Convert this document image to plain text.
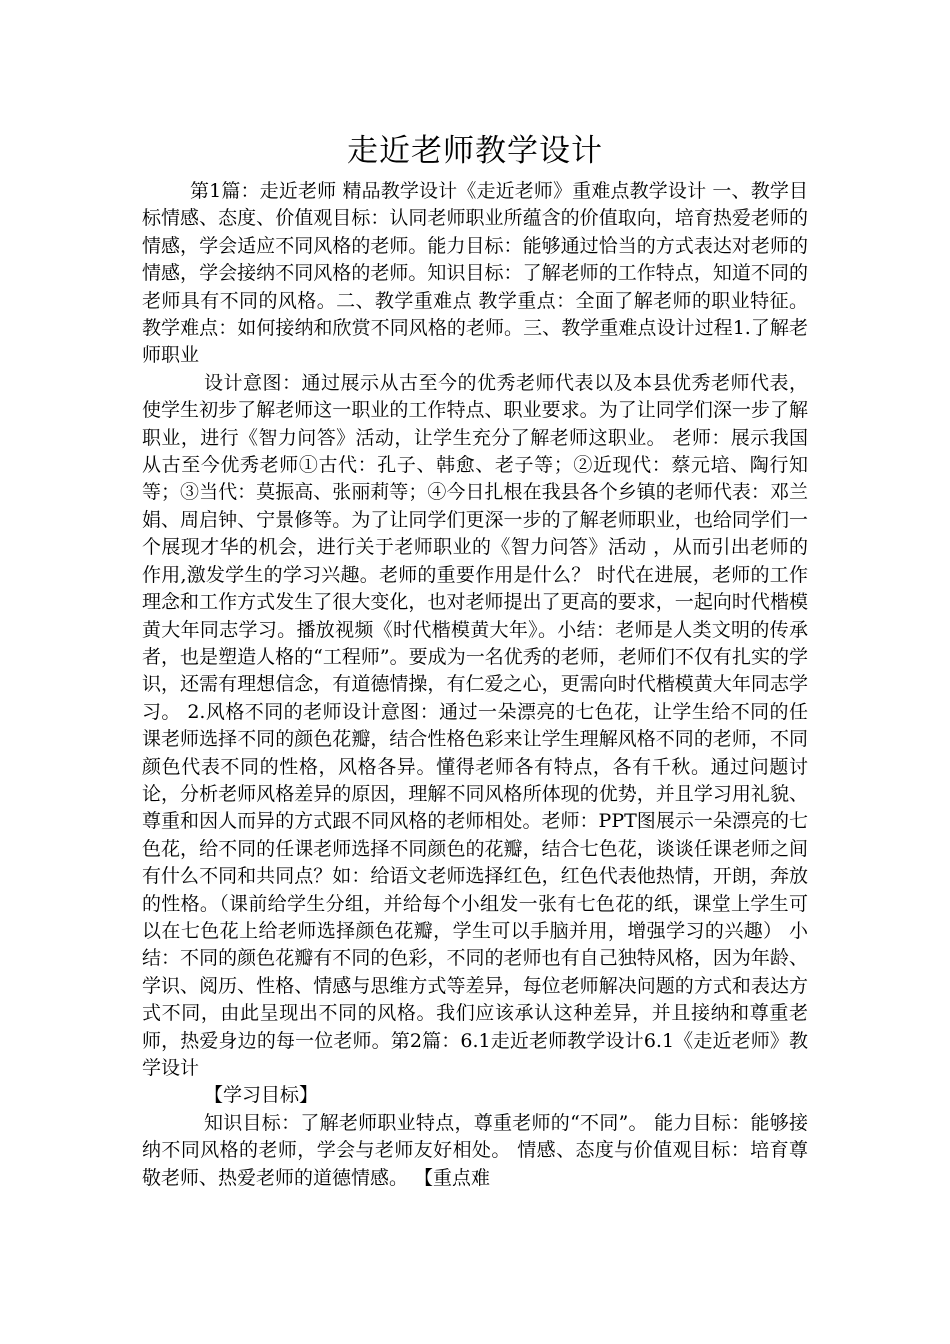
走近老师教学设计

第1篇：走近老师 精品教学设计《走近老师》重难点教学设计 一、教学目标情感、态度、价值观目标：认同老师职业所蕴含的价值取向，培育热爱老师的情感，学会适应不同风格的老师。能力目标：能够通过恰当的方式表达对老师的情感，学会接纳不同风格的老师。知识目标：了解老师的工作特点，知道不同的老师具有不同的风格。二、教学重难点 教学重点：全面了解老师的职业特征。教学难点：如何接纳和欣赏不同风格的老师。三、教学重难点设计过程1.了解老师职业

设计意图：通过展示从古至今的优秀老师代表以及本县优秀老师代表，使学生初步了解老师这一职业的工作特点、职业要求。为了让同学们深一步了解职业，进行《智力问答》活动，让学生充分了解老师这职业。 老师：展示我国从古至今优秀老师①古代：孔子、韩愈、老子等；②近现代：蔡元培、陶行知等；③当代：莫振高、张丽莉等；④今日扎根在我县各个乡镇的老师代表：邓兰娟、周启钟、宁景修等。为了让同学们更深一步的了解老师职业，也给同学们一个展现才华的机会，进行关于老师职业的《智力问答》活动 ，从而引出老师的作用,激发学生的学习兴趣。老师的重要作用是什么？ 时代在进展，老师的工作理念和工作方式发生了很大变化，也对老师提出了更高的要求，一起向时代楷模黄大年同志学习。播放视频《时代楷模黄大年》。小结：老师是人类文明的传承者，也是塑造人格的“工程师”。要成为一名优秀的老师，老师们不仅有扎实的学识，还需有理想信念，有道德情操，有仁爱之心，更需向时代楷模黄大年同志学习。 2.风格不同的老师设计意图：通过一朵漂亮的七色花，让学生给不同的任课老师选择不同的颜色花瓣，结合性格色彩来让学生理解风格不同的老师，不同颜色代表不同的性格，风格各异。懂得老师各有特点，各有千秋。通过问题讨论，分析老师风格差异的原因，理解不同风格所体现的优势，并且学习用礼貌、尊重和因人而异的方式跟不同风格的老师相处。老师：PPT图展示一朵漂亮的七色花，给不同的任课老师选择不同颜色的花瓣，结合七色花，谈谈任课老师之间有什么不同和共同点？如：给语文老师选择红色，红色代表他热情，开朗，奔放的性格。（课前给学生分组，并给每个小组发一张有七色花的纸，课堂上学生可以在七色花上给老师选择颜色花瓣，学生可以手脑并用，增强学习的兴趣） 小结：不同的颜色花瓣有不同的色彩，不同的老师也有自己独特风格，因为年龄、学识、阅历、性格、情感与思维方式等差异，每位老师解决问题的方式和表达方式不同，由此呈现出不同的风格。我们应该承认这种差异，并且接纳和尊重老师，热爱身边的每一位老师。第2篇：6.1走近老师教学设计6.1《走近老师》教学设计

【学习目标】

知识目标：了解老师职业特点，尊重老师的“不同”。 能力目标：能够接纳不同风格的老师，学会与老师友好相处。 情感、态度与价值观目标：培育尊敬老师、热爱老师的道德情感。 【重点难
